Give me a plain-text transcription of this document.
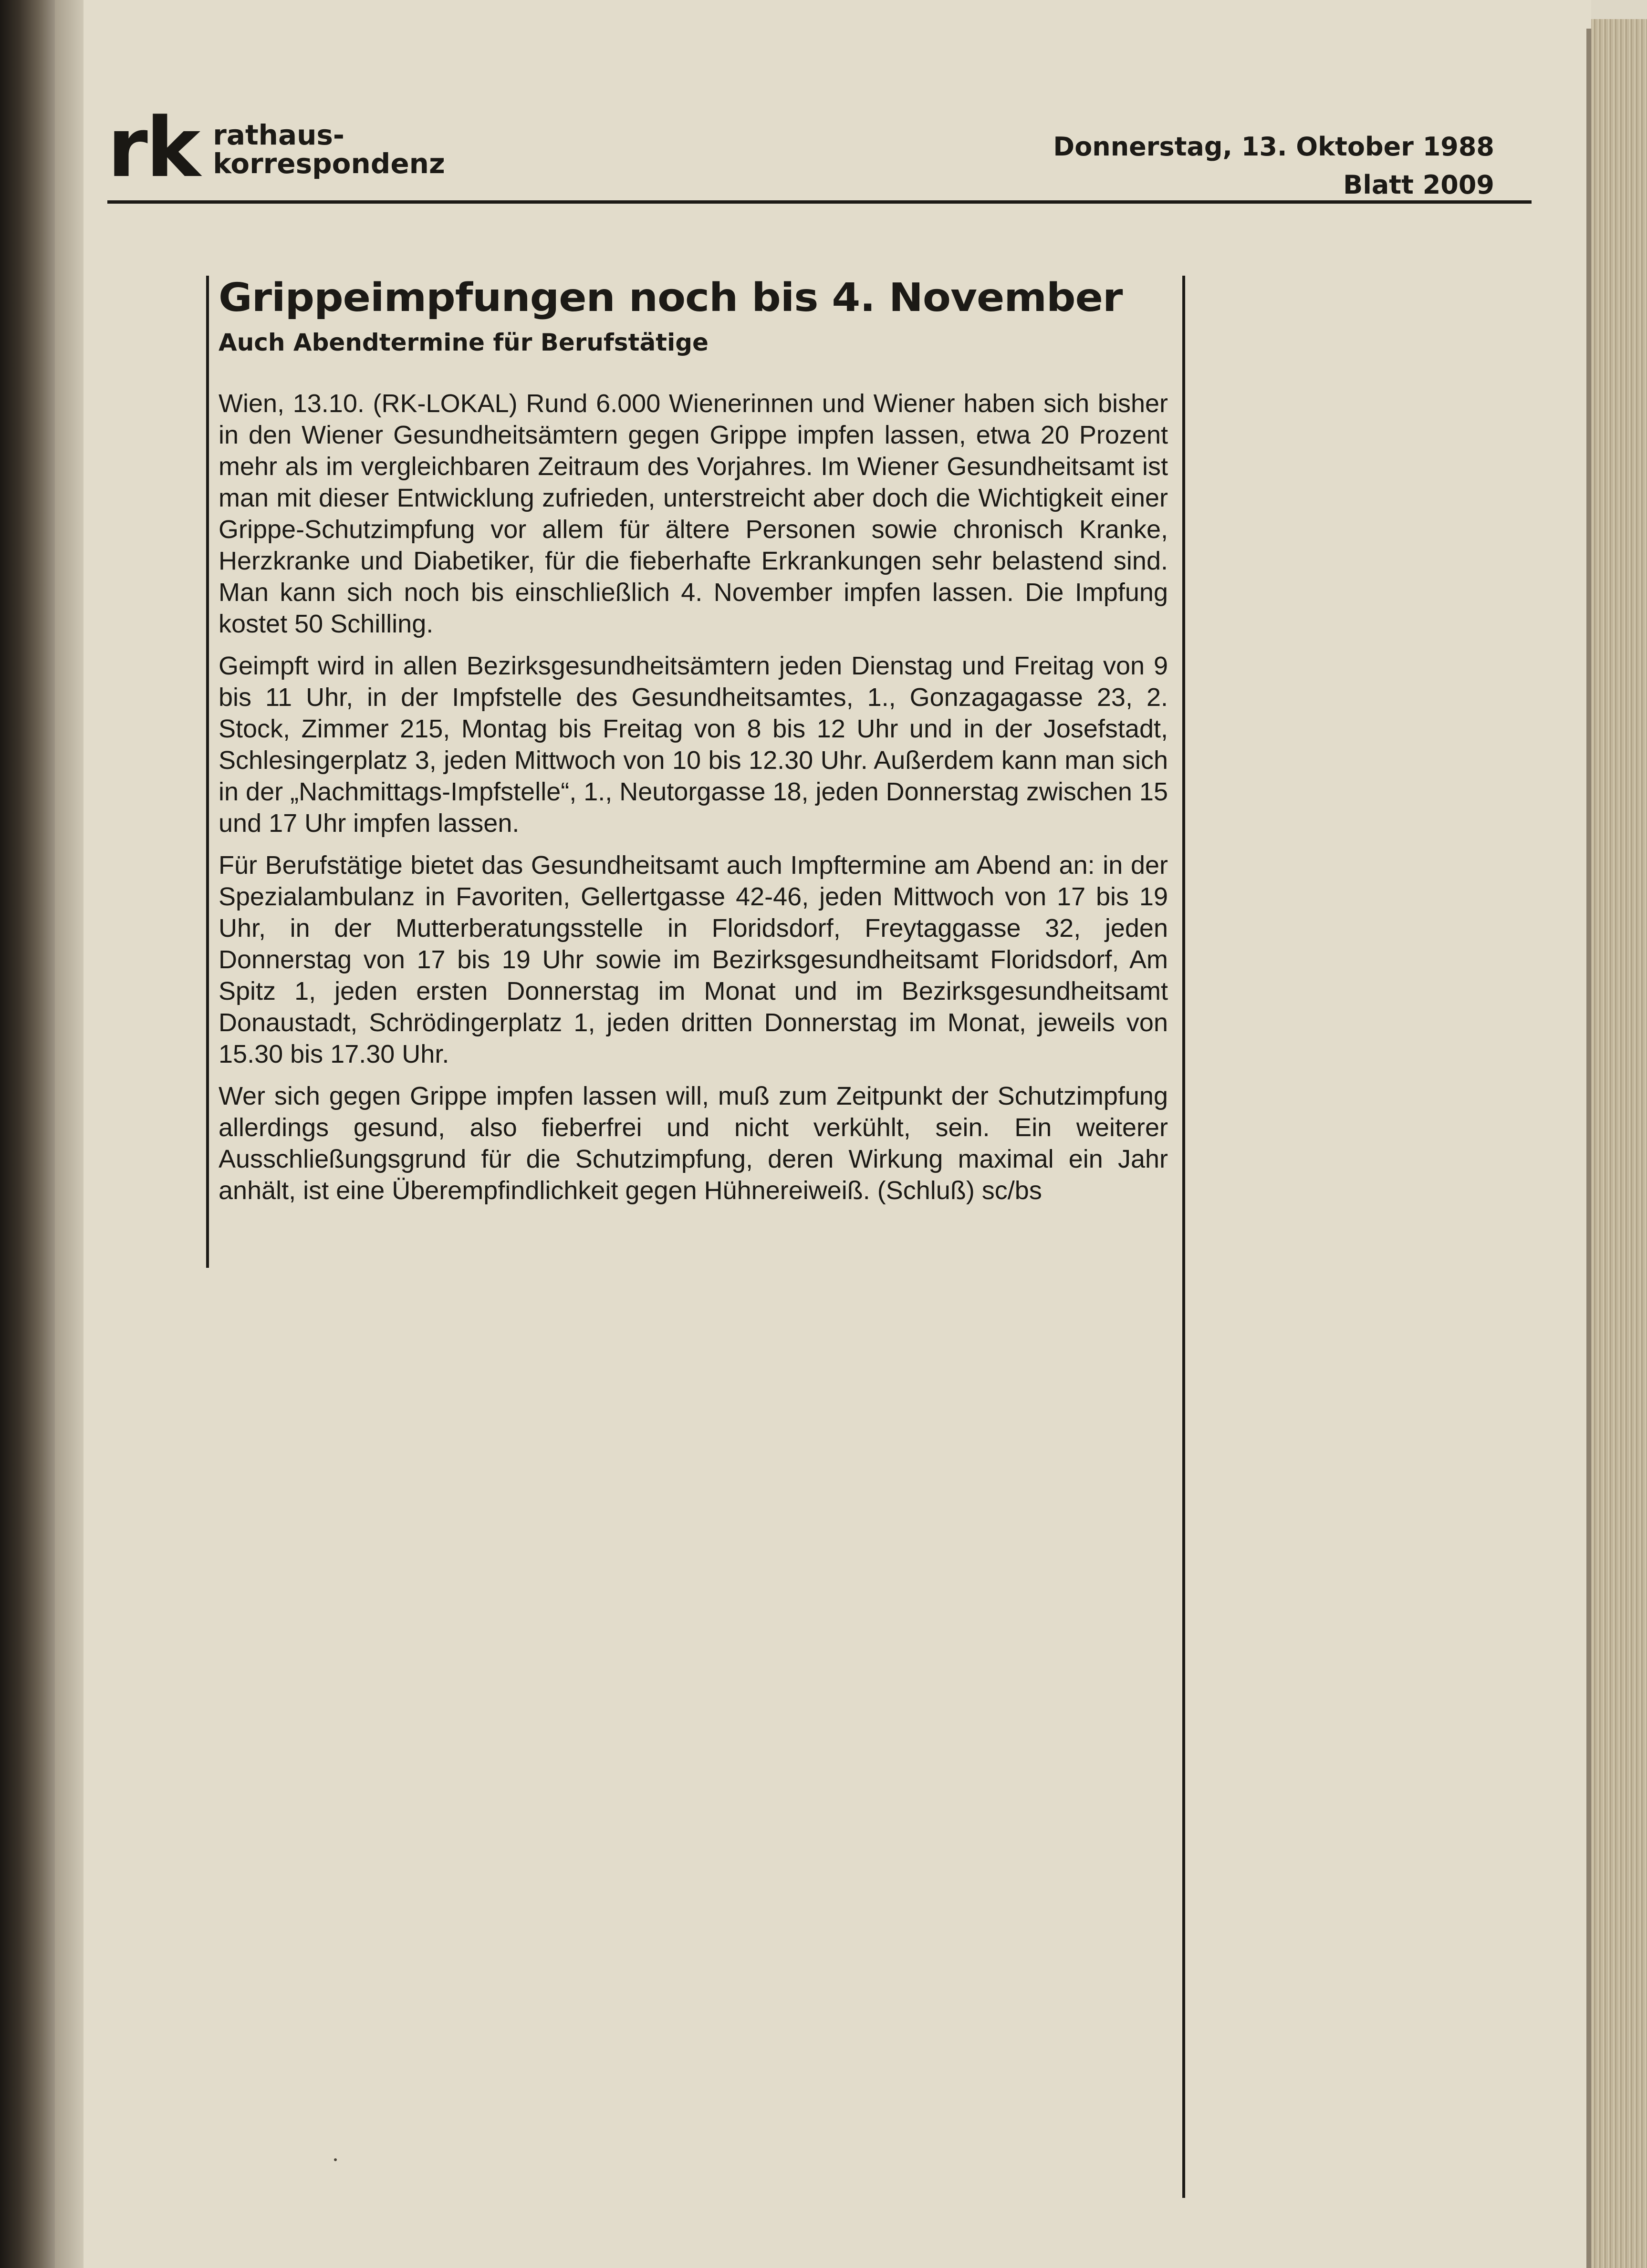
rk rathaus-
korrespondenz
Donnerstag, 13. Oktober 1988
Blatt 2009
Grippeimpfungen noch bis 4. November
Auch Abendtermine für Berufstätige

Wien, 13.10. (RK-LOKAL) Rund 6.000 Wienerinnen und Wiener haben sich bisher in den Wiener Gesundheitsämtern gegen Grippe impfen lassen, etwa 20 Prozent mehr als im vergleichbaren Zeitraum des Vorjahres. Im Wiener Gesundheitsamt ist man mit dieser Entwicklung zufrieden, unterstreicht aber doch die Wichtigkeit einer Grippe-Schutzimpfung vor allem für ältere Personen sowie chronisch Kranke, Herzkranke und Diabetiker, für die fieberhafte Erkrankungen sehr belastend sind. Man kann sich noch bis einschließlich 4. November impfen lassen. Die Impfung kostet 50 Schilling.

Geimpft wird in allen Bezirksgesundheitsämtern jeden Dienstag und Freitag von 9 bis 11 Uhr, in der Impfstelle des Gesundheitsamtes, 1., Gonzagagasse 23, 2. Stock, Zimmer 215, Montag bis Freitag von 8 bis 12 Uhr und in der Josefstadt, Schlesingerplatz 3, jeden Mittwoch von 10 bis 12.30 Uhr. Außerdem kann man sich in der „Nachmittags-Impfstelle“, 1., Neutorgasse 18, jeden Donnerstag zwischen 15 und 17 Uhr impfen lassen.

Für Berufstätige bietet das Gesundheitsamt auch Impftermine am Abend an: in der Spezialambulanz in Favoriten, Gellertgasse 42-46, jeden Mittwoch von 17 bis 19 Uhr, in der Mutterberatungsstelle in Floridsdorf, Freytaggasse 32, jeden Donnerstag von 17 bis 19 Uhr sowie im Bezirksgesundheitsamt Floridsdorf, Am Spitz 1, jeden ersten Donnerstag im Monat und im Bezirksgesundheitsamt Donaustadt, Schrödingerplatz 1, jeden dritten Donnerstag im Monat, jeweils von 15.30 bis 17.30 Uhr.

Wer sich gegen Grippe impfen lassen will, muß zum Zeitpunkt der Schutzimpfung allerdings gesund, also fieberfrei und nicht verkühlt, sein. Ein weiterer Ausschließungsgrund für die Schutzimpfung, deren Wirkung maximal ein Jahr anhält, ist eine Überempfindlichkeit gegen Hühnereiweiß. (Schluß) sc/bs
